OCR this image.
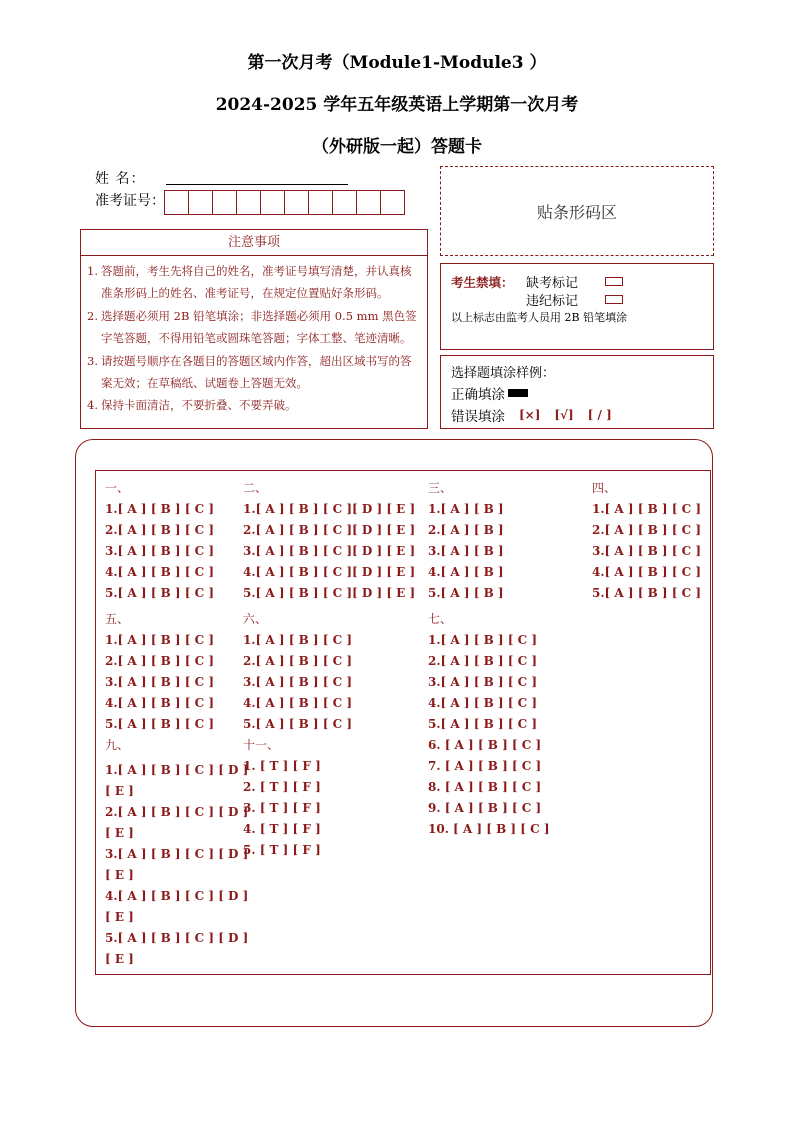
第一次月考（Module1-Module3 ）
2024-2025 学年五年级英语上学期第一次月考
（外研版一起）答题卡
姓 名：
准考证号：
贴条形码区
注意事项
1. 答题前，考生先将自己的姓名，准考证号填写清楚，并认真核准条形码上的姓名、准考证号，在规定位置贴好条形码。
2. 选择题必须用 2B 铅笔填涂；非选择题必须用 0.5 mm 黑色签字笔答题，不得用铅笔或圆珠笔答题；字体工整、笔迹清晰。
3. 请按题号顺序在各题目的答题区域内作答，超出区域书写的答案无效；在草稿纸、试题卷上答题无效。
4. 保持卡面清洁，不要折叠、不要弄破。
考生禁填： 缺考标记
违纪标记
以上标志由监考人员用 2B 铅笔填涂
选择题填涂样例：
正确填涂
错误填涂 [×] [√] [ / ]
一、
1.[ A ] [ B ] [ C ]
2.[ A ] [ B ] [ C ]
3.[ A ] [ B ] [ C ]
4.[ A ] [ B ] [ C ]
5.[ A ] [ B ] [ C ]
二、
1.[ A ] [ B ] [ C ][ D ] [ E ]
2.[ A ] [ B ] [ C ][ D ] [ E ]
3.[ A ] [ B ] [ C ][ D ] [ E ]
4.[ A ] [ B ] [ C ][ D ] [ E ]
5.[ A ] [ B ] [ C ][ D ] [ E ]
三、
1.[ A ] [ B ]
2.[ A ] [ B ]
3.[ A ] [ B ]
4.[ A ] [ B ]
5.[ A ] [ B ]
四、
1.[ A ] [ B ] [ C ]
2.[ A ] [ B ] [ C ]
3.[ A ] [ B ] [ C ]
4.[ A ] [ B ] [ C ]
5.[ A ] [ B ] [ C ]
五、
1.[ A ] [ B ] [ C ]
2.[ A ] [ B ] [ C ]
3.[ A ] [ B ] [ C ]
4.[ A ] [ B ] [ C ]
5.[ A ] [ B ] [ C ]
六、
1.[ A ] [ B ] [ C ]
2.[ A ] [ B ] [ C ]
3.[ A ] [ B ] [ C ]
4.[ A ] [ B ] [ C ]
5.[ A ] [ B ] [ C ]
七、
1.[ A ] [ B ] [ C ]
2.[ A ] [ B ] [ C ]
3.[ A ] [ B ] [ C ]
4.[ A ] [ B ] [ C ]
5.[ A ] [ B ] [ C ]
6. [ A ] [ B ] [ C ]
7. [ A ] [ B ] [ C ]
8. [ A ] [ B ] [ C ]
9. [ A ] [ B ] [ C ]
10. [ A ] [ B ] [ C ]
九、
1.[ A ] [ B ] [ C ] [ D ]
[ E ]
2.[ A ] [ B ] [ C ] [ D ]
[ E ]
3.[ A ] [ B ] [ C ] [ D ]
[ E ]
4.[ A ] [ B ] [ C ] [ D ]
[ E ]
5.[ A ] [ B ] [ C ] [ D ]
[ E ]
十一、
1. [ T ] [ F ]
2. [ T ] [ F ]
3. [ T ] [ F ]
4. [ T ] [ F ]
5. [ T ] [ F ]
